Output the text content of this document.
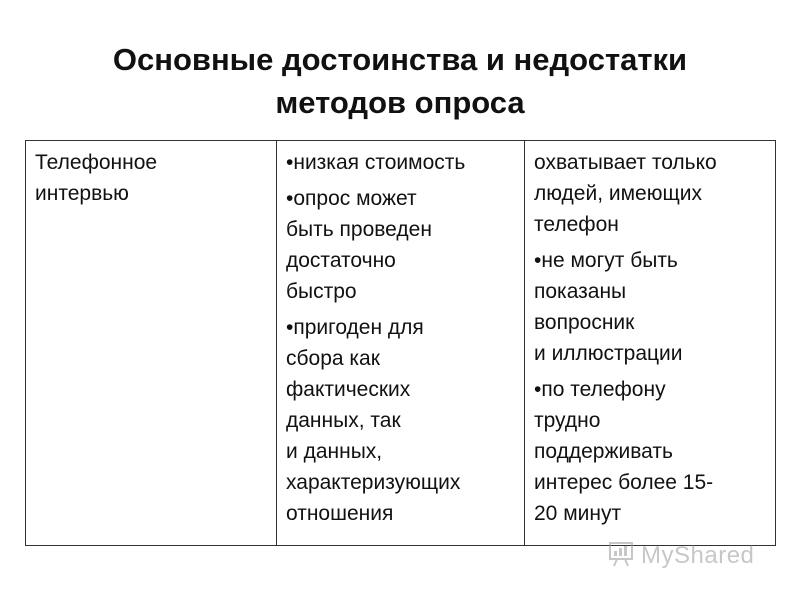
Основные достоинства и недостатки
методов опроса
Телефонное
интервью

•низкая стоимость
•опрос может
быть проведен
достаточно
быстро
•пригоден для
сбора как
фактических
данных, так
и данных,
характеризующих
отношения

охватывает только
людей, имеющих
телефон
•не могут быть
показаны
вопросник
и иллюстрации
•по телефону
трудно
поддерживать
интерес более 15-
20 минут
MyShared
